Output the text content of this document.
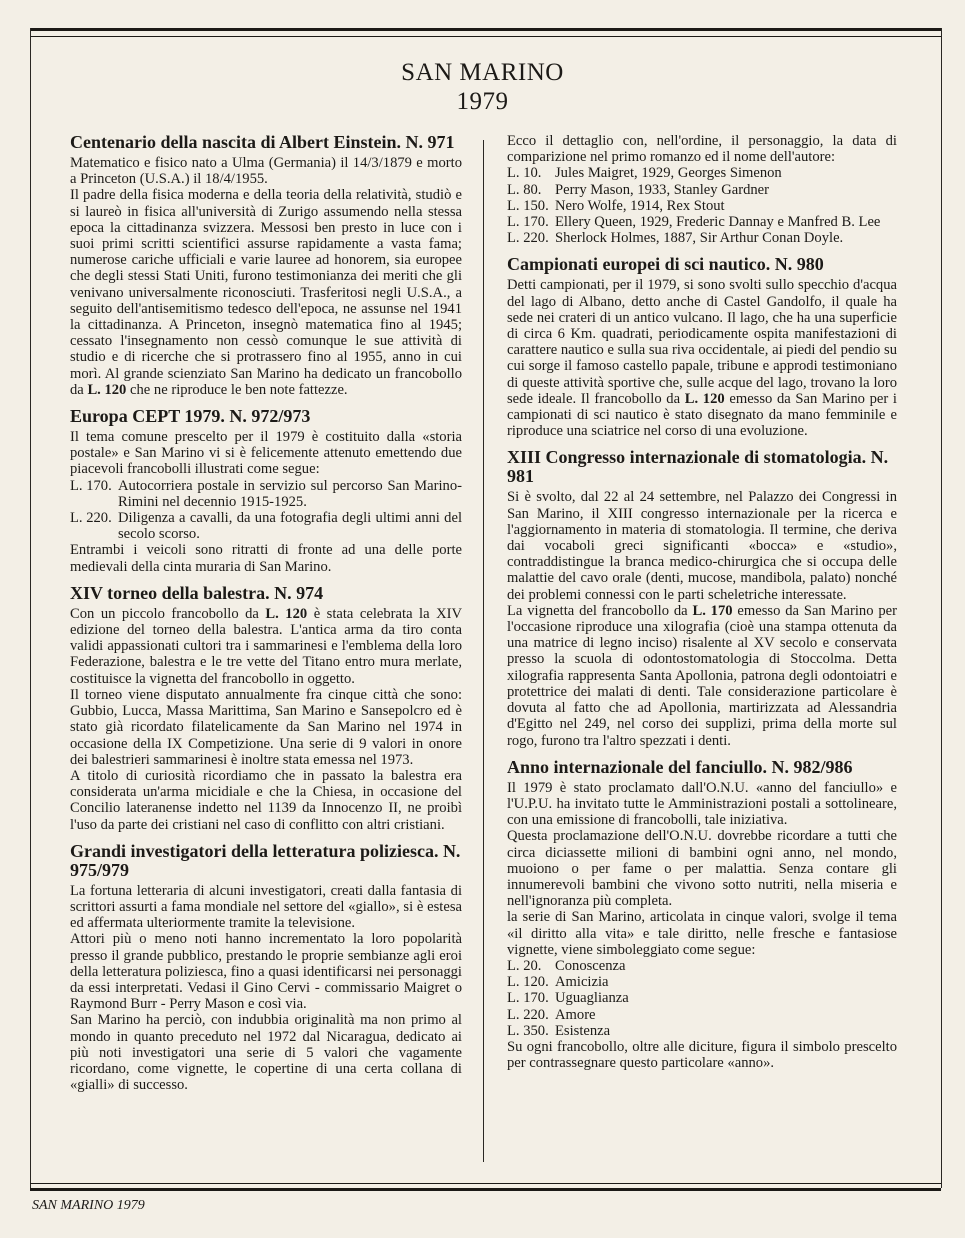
SAN MARINO
1979
Centenario della nascita di Albert Einstein. N. 971

Matematico e fisico nato a Ulma (Germania) il 14/3/1879 e morto a Princeton (U.S.A.) il 18/4/1955.

Il padre della fisica moderna e della teoria della relatività, studiò e si laureò in fisica all'università di Zurigo assumendo nella stessa epoca la cittadinanza svizzera. Messosi ben presto in luce con i suoi primi scritti scientifici assurse rapidamente a vasta fama; numerose cariche ufficiali e varie lauree ad honorem, sia europee che degli stessi Stati Uniti, furono testimonianza dei meriti che gli venivano universalmente riconosciuti. Trasferitosi negli U.S.A., a seguito dell'antisemitismo tedesco dell'epoca, ne assunse nel 1941 la cittadinanza. A Princeton, insegnò matematica fino al 1945; cessato l'insegnamento non cessò comunque le sue attività di studio e di ricerche che si protrassero fino al 1955, anno in cui morì. Al grande scienziato San Marino ha dedicato un francobollo da L. 120 che ne riproduce le ben note fattezze.

Europa CEPT 1979. N. 972/973

Il tema comune prescelto per il 1979 è costituito dalla «storia postale» e San Marino vi si è felicemente attenuto emettendo due piacevoli francobolli illustrati come segue:

L. 170. Autocorriera postale in servizio sul percorso San Marino-Rimini nel decennio 1915-1925.
L. 220. Diligenza a cavalli, da una fotografia degli ultimi anni del secolo scorso.

Entrambi i veicoli sono ritratti di fronte ad una delle porte medievali della cinta muraria di San Marino.

XIV torneo della balestra. N. 974

Con un piccolo francobollo da L. 120 è stata celebrata la XIV edizione del torneo della balestra. L'antica arma da tiro conta validi appassionati cultori tra i sammarinesi e l'emblema della loro Federazione, balestra e le tre vette del Titano entro mura merlate, costituisce la vignetta del francobollo in oggetto.

Il torneo viene disputato annualmente fra cinque città che sono: Gubbio, Lucca, Massa Marittima, San Marino e Sansepolcro ed è stato già ricordato filatelicamente da San Marino nel 1974 in occasione della IX Competizione. Una serie di 9 valori in onore dei balestrieri sammarinesi è inoltre stata emessa nel 1973.

A titolo di curiosità ricordiamo che in passato la balestra era considerata un'arma micidiale e che la Chiesa, in occasione del Concilio lateranense indetto nel 1139 da Innocenzo II, ne proibì l'uso da parte dei cristiani nel caso di conflitto con altri cristiani.

Grandi investigatori della letteratura poliziesca. N. 975/979

La fortuna letteraria di alcuni investigatori, creati dalla fantasia di scrittori assurti a fama mondiale nel settore del «giallo», si è estesa ed affermata ulteriormente tramite la televisione.

Attori più o meno noti hanno incrementato la loro popolarità presso il grande pubblico, prestando le proprie sembianze agli eroi della letteratura poliziesca, fino a quasi identificarsi nei personaggi da essi interpretati. Vedasi il Gino Cervi - commissario Maigret o Raymond Burr - Perry Mason e così via.

San Marino ha perciò, con indubbia originalità ma non primo al mondo in quanto preceduto nel 1972 dal Nicaragua, dedicato ai più noti investigatori una serie di 5 valori che vagamente ricordano, come vignette, le copertine di una certa collana di «gialli» di successo.

Ecco il dettaglio con, nell'ordine, il personaggio, la data di comparizione nel primo romanzo ed il nome dell'autore:

L. 10. Jules Maigret, 1929, Georges Simenon
L. 80. Perry Mason, 1933, Stanley Gardner
L. 150. Nero Wolfe, 1914, Rex Stout
L. 170. Ellery Queen, 1929, Frederic Dannay e Manfred B. Lee
L. 220. Sherlock Holmes, 1887, Sir Arthur Conan Doyle.
Campionati europei di sci nautico. N. 980

Detti campionati, per il 1979, si sono svolti sullo specchio d'acqua del lago di Albano, detto anche di Castel Gandolfo, il quale ha sede nei crateri di un antico vulcano. Il lago, che ha una superficie di circa 6 Km. quadrati, periodicamente ospita manifestazioni di carattere nautico e sulla sua riva occidentale, ai piedi del pendio su cui sorge il famoso castello papale, tribune e approdi testimoniano di queste attività sportive che, sulle acque del lago, trovano la loro sede ideale. Il francobollo da L. 120 emesso da San Marino per i campionati di sci nautico è stato disegnato da mano femminile e riproduce una sciatrice nel corso di una evoluzione.

XIII Congresso internazionale di stomatologia. N. 981

Si è svolto, dal 22 al 24 settembre, nel Palazzo dei Congressi in San Marino, il XIII congresso internazionale per la ricerca e l'aggiornamento in materia di stomatologia. Il termine, che deriva dai vocaboli greci significanti «bocca» e «studio», contraddistingue la branca medico-chirurgica che si occupa delle malattie del cavo orale (denti, mucose, mandibola, palato) nonché dei problemi connessi con le parti scheletriche interessate.

La vignetta del francobollo da L. 170 emesso da San Marino per l'occasione riproduce una xilografia (cioè una stampa ottenuta da una matrice di legno inciso) risalente al XV secolo e conservata presso la scuola di odontostomatologia di Stoccolma. Detta xilografia rappresenta Santa Apollonia, patrona degli odontoiatri e protettrice dei malati di denti. Tale considerazione particolare è dovuta al fatto che ad Apollonia, martirizzata ad Alessandria d'Egitto nel 249, nel corso dei supplizi, prima della morte sul rogo, furono tra l'altro spezzati i denti.

Anno internazionale del fanciullo. N. 982/986

Il 1979 è stato proclamato dall'O.N.U. «anno del fanciullo» e l'U.P.U. ha invitato tutte le Amministrazioni postali a sottolineare, con una emissione di francobolli, tale iniziativa.

Questa proclamazione dell'O.N.U. dovrebbe ricordare a tutti che circa diciassette milioni di bambini ogni anno, nel mondo, muoiono o per fame o per malattia. Senza contare gli innumerevoli bambini che vivono sotto nutriti, nella miseria e nell'ignoranza più completa.

la serie di San Marino, articolata in cinque valori, svolge il tema «il diritto alla vita» e tale diritto, nelle fresche e fantasiose vignette, viene simboleggiato come segue:

L. 20. Conoscenza
L. 120. Amicizia
L. 170. Uguaglianza
L. 220. Amore
L. 350. Esistenza

Su ogni francobollo, oltre alle diciture, figura il simbolo prescelto per contrassegnare questo particolare «anno».

SAN MARINO 1979
